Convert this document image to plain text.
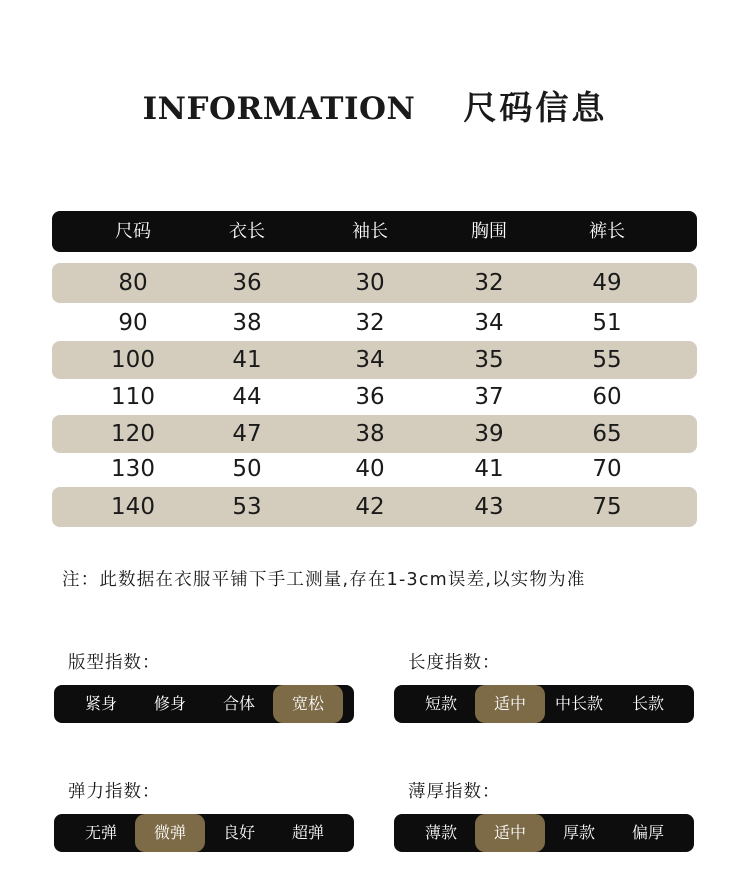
INFORMATION 尺码信息
尺码	衣长	袖长	胸围	裤长
80	36	30	32	49
90	38	32	34	51
100	41	34	35	55
110	44	36	37	60
120	47	38	39	65
130	50	40	41	70
140	53	42	43	75
注：此数据在衣服平铺下手工测量,存在1-3cm误差,以实物为准
版型指数：
紧身	修身	合体	宽松
长度指数：
短款	适中	中长款	长款
弹力指数：
无弹	微弹	良好	超弹
薄厚指数：
薄款	适中	厚款	偏厚
